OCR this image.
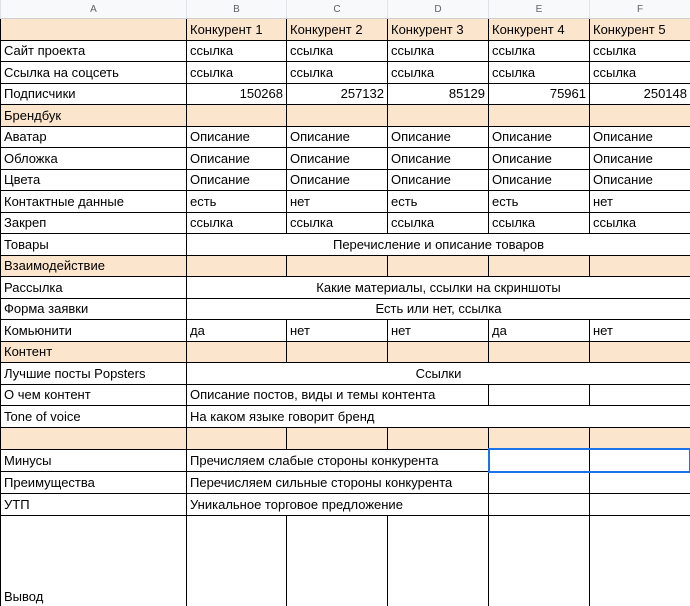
A	B	C	D	E	F
	Конкурент 1	Конкурент 2	Конкурент 3	Конкурент 4	Конкурент 5
Сайт проекта	ссылка	ссылка	ссылка	ссылка	ссылка
Ссылка на соцсеть	ссылка	ссылка	ссылка	ссылка	ссылка
Подписчики	150268	257132	85129	75961	250148
Брендбук					
Аватар	Описание	Описание	Описание	Описание	Описание
Обложка	Описание	Описание	Описание	Описание	Описание
Цвета	Описание	Описание	Описание	Описание	Описание
Контактные данные	есть	нет	есть	есть	нет
Закреп	ссылка	ссылка	ссылка	ссылка	ссылка
Товары	Перечисление и описание товаров				
Взаимодействие					
Рассылка	Какие материалы, ссылки на скриншоты				
Форма заявки	Есть или нет, ссылка				
Комьюнити	да	нет	нет	да	нет
Контент					
Лучшие посты Popsters	Ссылки				
О чем контент	Описание постов, виды и темы контента				
Tone of voice	На каком языке говорит бренд				

Минусы	Пречисляем слабые стороны конкурента				
Преимущества	Перечисляем сильные стороны конкурента				
УТП	Уникальное торговое предложение				
Вывод					
